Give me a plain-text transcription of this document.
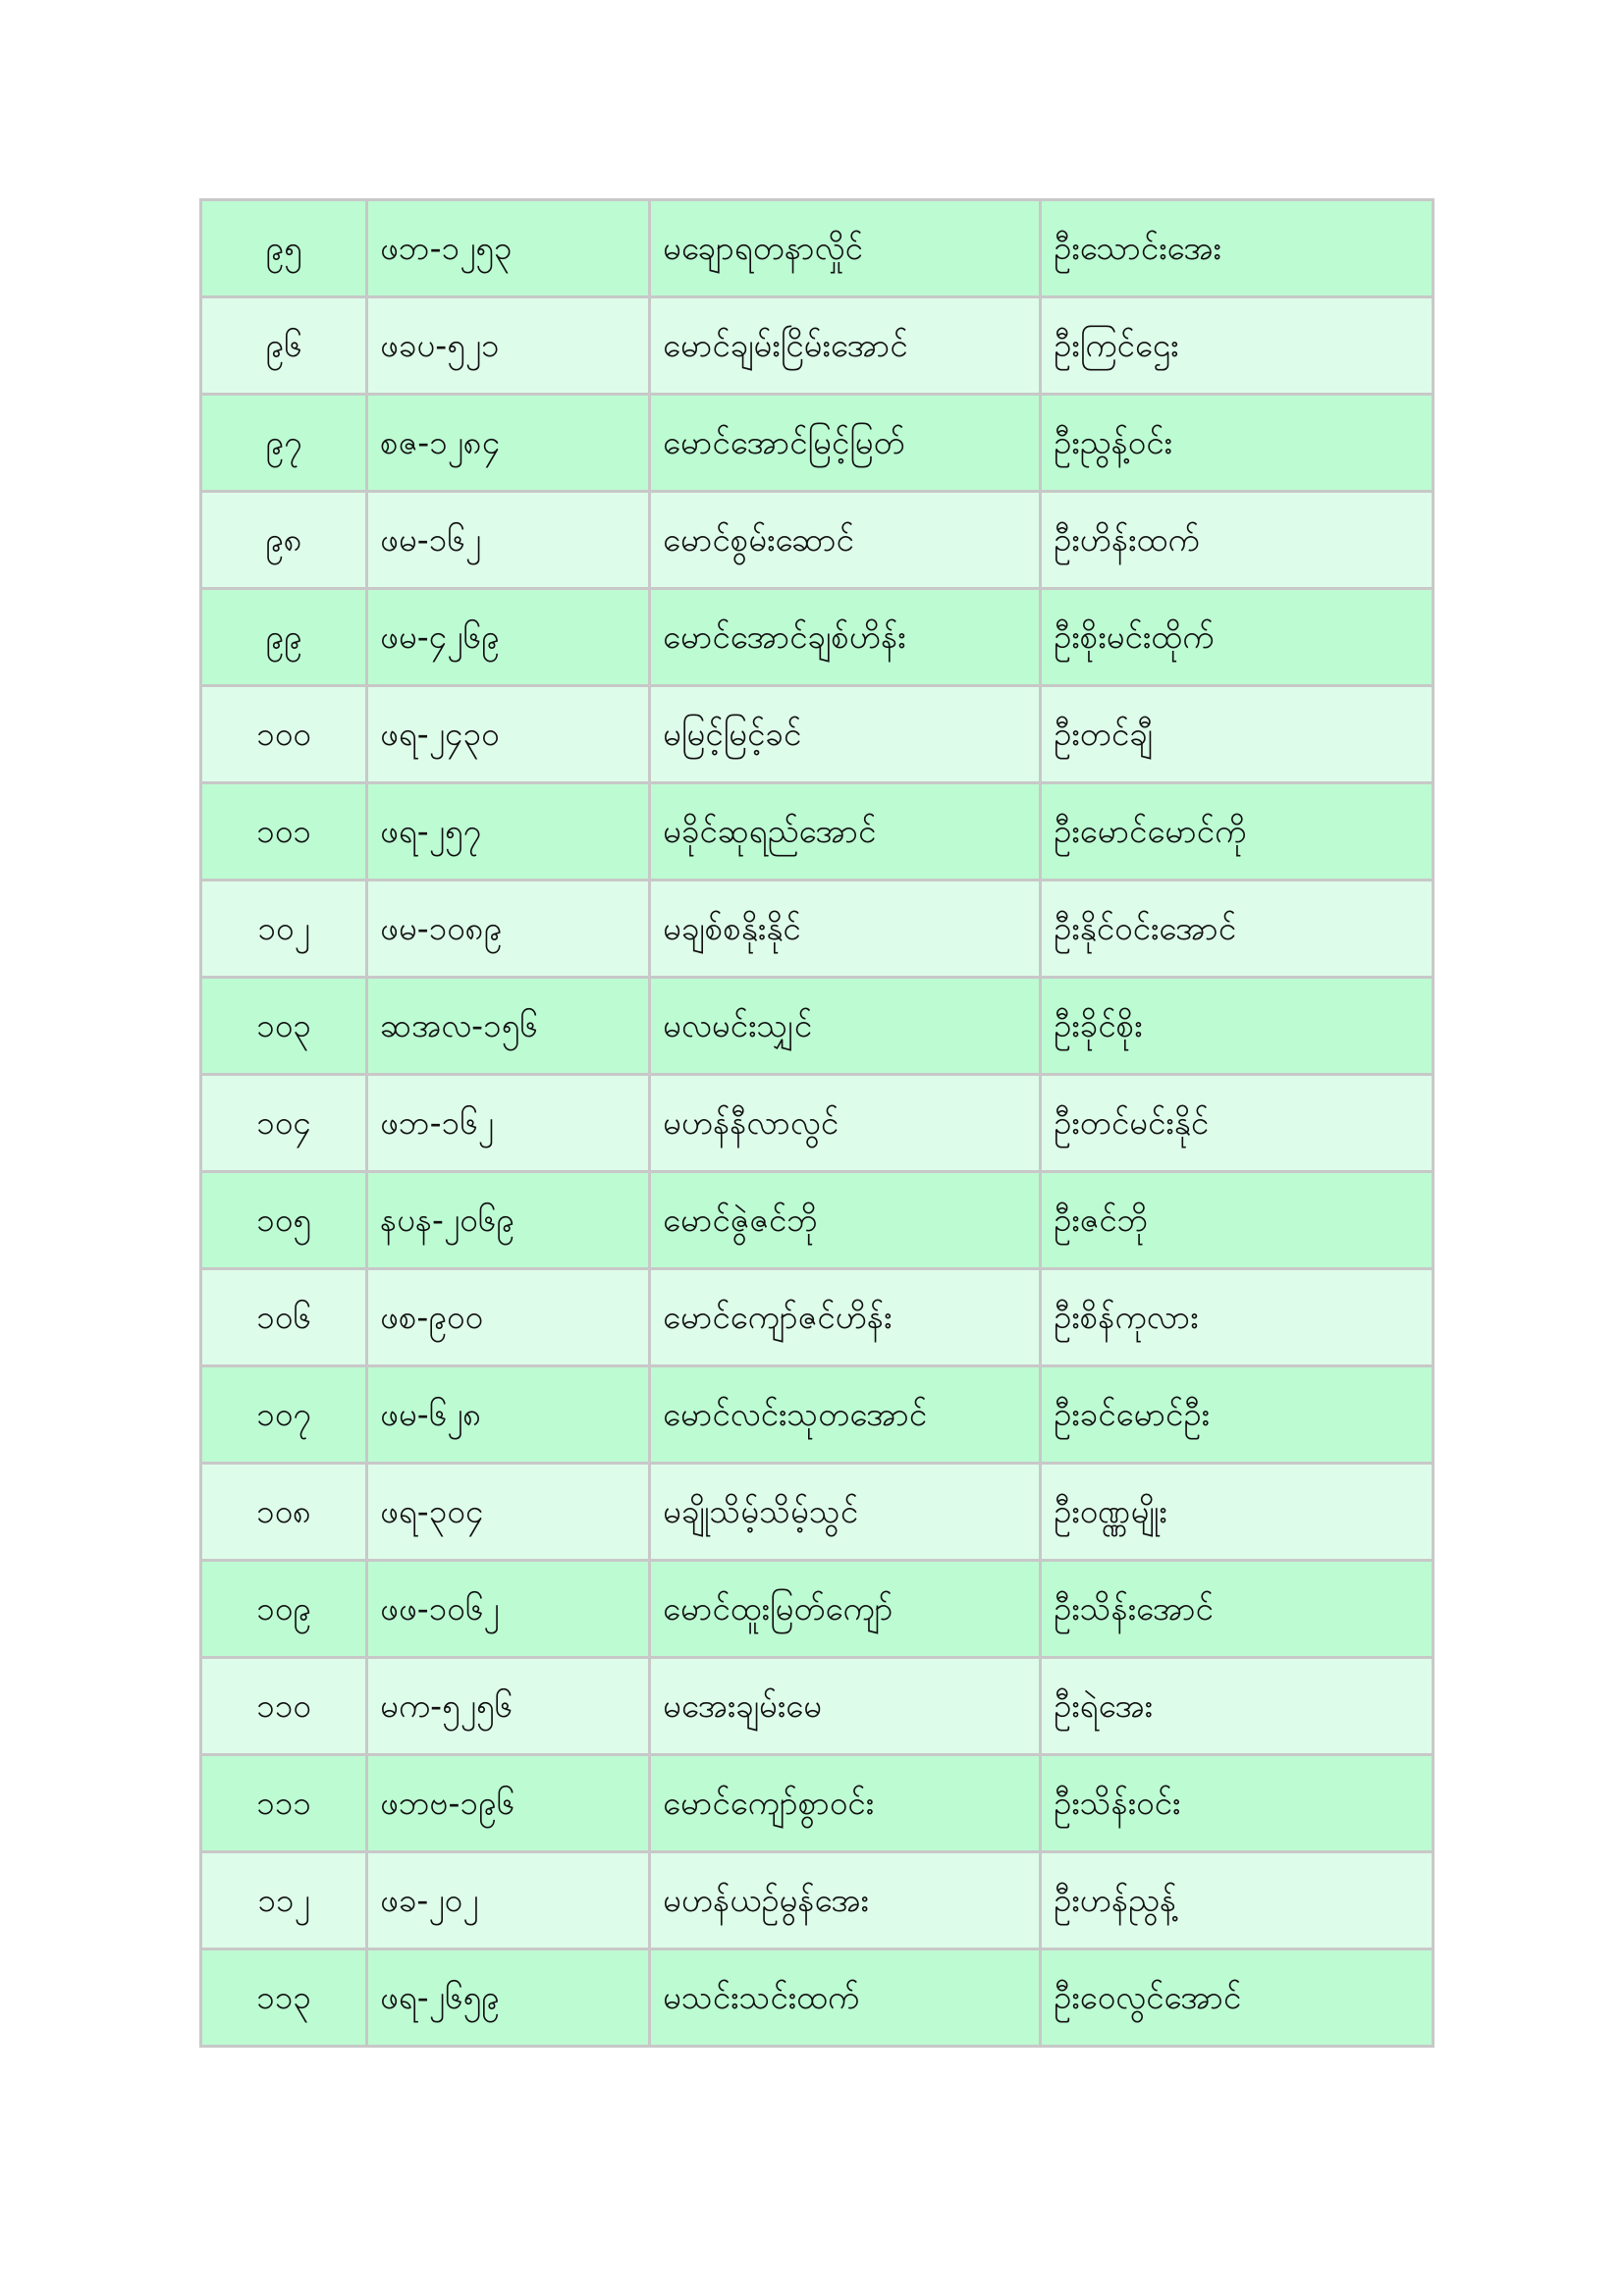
၉၅	ဖဘ-၁၂၅၃	မချောရတနာလှိုင်	ဦးသောင်းအေး
၉၆	ဖခပ-၅၂၁	မောင်ချမ်းငြိမ်းအောင်	ဦးကြင်ဌေး
၉၇	စဇ-၁၂၈၄	မောင်အောင်မြင့်မြတ်	ဦးညွန့်ဝင်း
၉၈	ဖမ-၁၆၂	မောင်စွမ်းဆောင်	ဦးဟိန်းထက်
၉၉	ဖမ-၄၂၆၉	မောင်အောင်ချစ်ဟိန်း	ဦးစိုးမင်းထိုက်
၁၀၀	ဖရ-၂၄၃၀	မမြင့်မြင့်ခင်	ဦးတင်ချီ
၁၀၁	ဖရ-၂၅၇	မခိုင်ဆုရည်အောင်	ဦးမောင်မောင်ကို
၁၀၂	ဖမ-၁၀၈၉	မချစ်စနိုးနိုင်	ဦးနိုင်ဝင်းအောင်
၁၀၃	ဆအလ-၁၅၆	မလမင်းသျှင်	ဦးခိုင်စိုး
၁၀၄	ဖဘ-၁၆၂	မဟန်နီလာလွင်	ဦးတင်မင်းနိုင်
၁၀၅	နပန-၂၀၆၉	မောင်ဇွဲဇင်ဘို	ဦးဇင်ဘို
၁၀၆	ဖစ-၉၀၀	မောင်ကျော်ဇင်ဟိန်း	ဦးစိန်ကုလား
၁၀၇	ဖမ-၆၂၈	မောင်လင်းသုတအောင်	ဦးခင်မောင်ဦး
၁၀၈	ဖရ-၃၀၄	မချိုသိမ့်သိမ့်သွင်	ဦးဝဏ္ဏမျိုး
၁၀၉	ဖဖ-၁၀၆၂	မောင်ထူးမြတ်ကျော်	ဦးသိန်းအောင်
၁၁၀	မက-၅၂၅၆	မအေးချမ်းမေ	ဦးရဲအေး
၁၁၁	ဖဘဗ-၁၉၆	မောင်ကျော်စွာဝင်း	ဦးသိန်းဝင်း
၁၁၂	ဖခ-၂၀၂	မဟန်ယဉ်မွန်အေး	ဦးဟန်ညွန့်
၁၁၃	ဖရ-၂၆၅၉	မသင်းသင်းထက်	ဦးဝေလွင်အောင်
